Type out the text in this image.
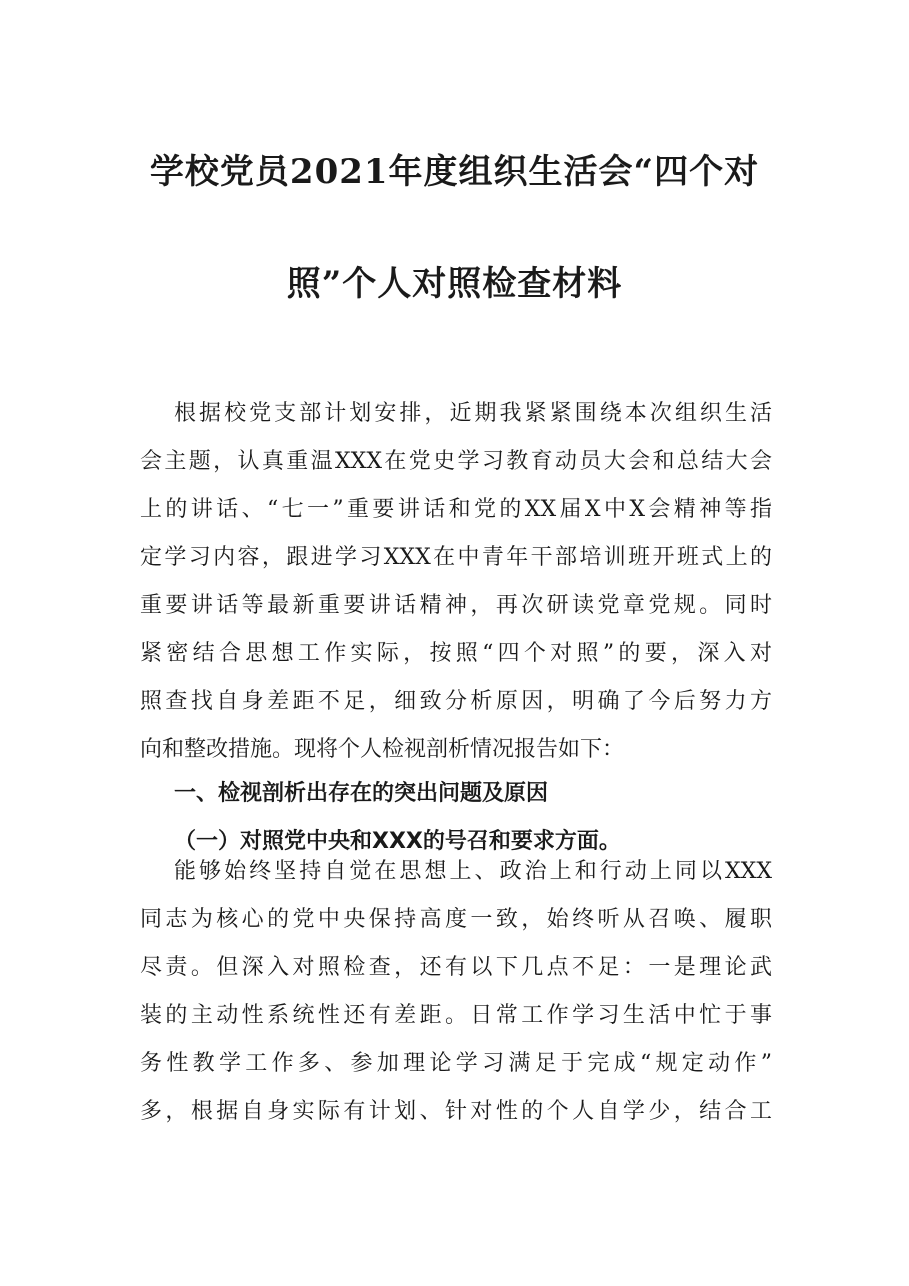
学校党员2021年度组织生活会“四个对
照”个人对照检查材料
根据校党支部计划安排，近期我紧紧围绕本次组织生活
会主题，认真重温XXX在党史学习教育动员大会和总结大会
上的讲话、“七一”重要讲话和党的XX届X中X会精神等指
定学习内容，跟进学习XXX在中青年干部培训班开班式上的
重要讲话等最新重要讲话精神，再次研读党章党规。同时
紧密结合思想工作实际，按照“四个对照”的要，深入对
照查找自身差距不足，细致分析原因，明确了今后努力方
向和整改措施。现将个人检视剖析情况报告如下：
一、检视剖析出存在的突出问题及原因
（一）对照党中央和XXX的号召和要求方面。
能够始终坚持自觉在思想上、政治上和行动上同以XXX
同志为核心的党中央保持高度一致，始终听从召唤、履职
尽责。但深入对照检查，还有以下几点不足：一是理论武
装的主动性系统性还有差距。日常工作学习生活中忙于事
务性教学工作多、参加理论学习满足于完成“规定动作”
多，根据自身实际有计划、针对性的个人自学少，结合工
